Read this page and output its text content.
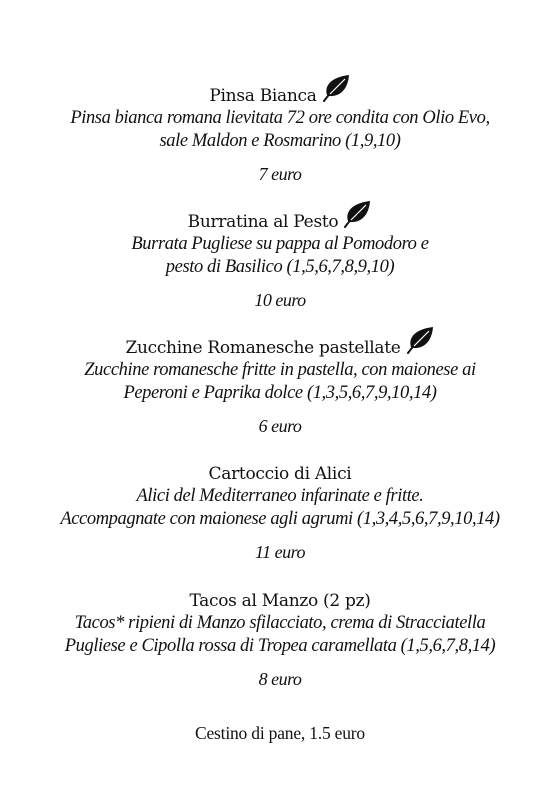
Pinsa Bianca
Pinsa bianca romana lievitata 72 ore condita con Olio Evo,
sale Maldon e Rosmarino (1,9,10)
7 euro
Burratina al Pesto
Burrata Pugliese su pappa al Pomodoro e
pesto di Basilico (1,5,6,7,8,9,10)
10 euro
Zucchine Romanesche pastellate
Zucchine romanesche fritte in pastella, con maionese ai
Peperoni e Paprika dolce (1,3,5,6,7,9,10,14)
6 euro
Cartoccio di Alici
Alici del Mediterraneo infarinate e fritte.
Accompagnate con maionese agli agrumi (1,3,4,5,6,7,9,10,14)
11 euro
Tacos al Manzo (2 pz)
Tacos* ripieni di Manzo sfilacciato, crema di Stracciatella
Pugliese e Cipolla rossa di Tropea caramellata (1,5,6,7,8,14)
8 euro
Cestino di pane, 1.5 euro
